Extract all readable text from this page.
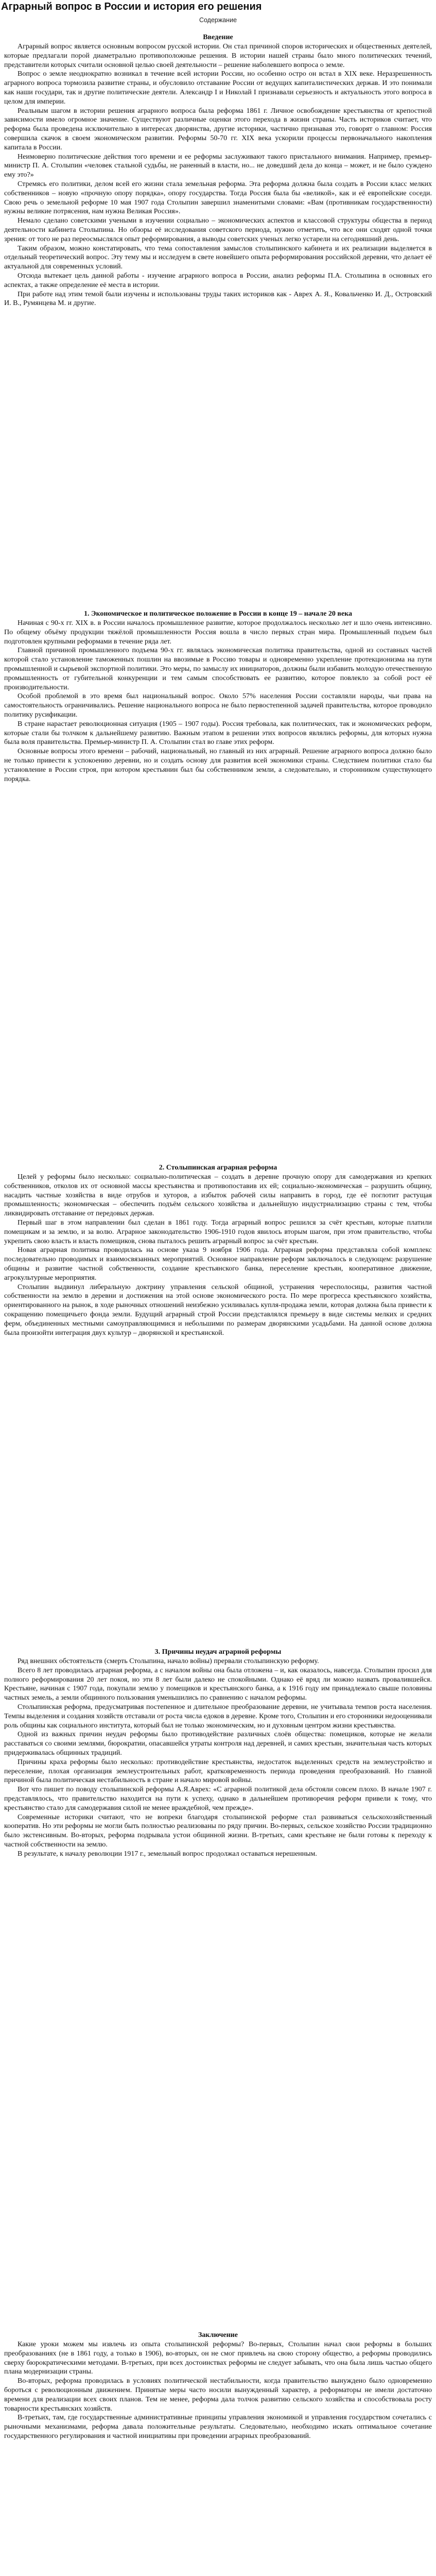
Аграрный вопрос в России и история его решения
Содержание
Введение

Аграрный вопрос является основным вопросом русской истории. Он стал причиной споров исторических и общественных деятелей, которые предлагали порой диаметрально противоположные решения. В истории нашей страны было много политических течений, представители которых считали основной целью своей деятельности – решение наболевшего вопроса о земле.

Вопрос о земле неоднократно возникал в течение всей истории России, но особенно остро он встал в XIX веке. Неразрешенность аграрного вопроса тормозила развитие страны, и обусловило отставание России от ведущих капиталистических держав. И это понимали как наши государи, так и другие политические деятели. Александр I и Николай I признавали серьезность и актуальность этого вопроса в целом для империи.

Реальным шагом в истории решения аграрного вопроса была реформа 1861 г. Личное освобождение крестьянства от крепостной зависимости имело огромное значение. Существуют различные оценки этого перехода в жизни страны. Часть историков считает, что реформа была проведена исключительно в интересах дворянства, другие историки, частично признавая это, говорят о главном: Россия совершила скачок в своем экономическом развитии. Реформы 50-70 гг. XIX века ускорили процессы первоначального накопления капитала в России.

Неимоверно политические действия того времени и ее реформы заслуживают такого пристального внимания. Например, премьер-министр П. А. Столыпин «человек стальной судьбы, не раненный в власти, но... не доведший дела до конца – может, и не было суждено ему это?»

Стремясь его политики, делом всей его жизни стала земельная реформа. Эта реформа должна была создать в России класс мелких собственников – новую «прочную опору порядка», опору государства. Тогда Россия была бы «великой», как и её европейские соседи. Свою речь о земельной реформе 10 мая 1907 года Столыпин завершил знаменитыми словами: «Вам (противникам государственности) нужны великие потрясения, нам нужна Великая Россия».

Немало сделано советскими учеными в изучении социально – экономических аспектов и классовой структуры общества в период деятельности кабинета Столыпина. Но обзоры её исследования советского периода, нужно отметить, что все они сходят одной точки зрения: от того не раз переосмыслялся опыт реформирования, а выводы советских ученых легко устарели на сегодняшний день.

Таким образом, можно констатировать, что тема сопоставления замыслов столыпинского кабинета и их реализации выделяется в отдельный теоретический вопрос. Эту тему мы и исследуем в свете новейшего опыта реформирования российской деревни, что делает её актуальной для современных условий.

Отсюда вытекает цель данной работы - изучение аграрного вопроса в России, анализ реформы П.А. Столыпина в основных его аспектах, а также определение её места в истории.

При работе над этим темой были изучены и использованы труды таких историков как - Аврех А. Я., Ковальченко И. Д., Островский И. В., Румянцева М. и другие.

1. Экономическое и политическое положение в России в конце 19 – начале 20 века

Начиная с 90-х гг. XIX в. в России началось промышленное развитие, которое продолжалось несколько лет и шло очень интенсивно. По общему объёму продукции тяжёлой промышленности Россия вошла в число первых стран мира. Промышленный подъем был подготовлен крупными реформами в течение ряда лет.

Главной причиной промышленного подъема 90-х гг. являлась экономическая политика правительства, одной из составных частей которой стало установление таможенных пошлин на ввозимые в Россию товары и одновременно укрепление протекционизма на пути промышленной и сырьевой экспортной политики. Это меры, по замыслу их инициаторов, должны были избавить молодую отечественную промышленность от губительной конкуренции и тем самым способствовать ее развитию, которое повлекло за собой рост её производительности.

Особой проблемой в это время был национальный вопрос. Около 57% населения России составляли народы, чьи права на самостоятельность ограничивались. Решение национального вопроса не было первостепенной задачей правительства, которое проводило политику русификации.

В стране нарастает революционная ситуация (1905 – 1907 годы). Россия требовала, как политических, так и экономических реформ, которые стали бы толчком к дальнейшему развитию. Важным этапом в решении этих вопросов являлись реформы, для которых нужна была воля правительства. Премьер-министр П. А. Столыпин стал во главе этих реформ.

Основные вопросы этого времени – рабочий, национальный, но главный из них аграрный. Решение аграрного вопроса должно было не только привести к успокоению деревни, но и создать основу для развития всей экономики страны. Следствием политики стало бы установление в России строя, при котором крестьянин был бы собственником земли, а следовательно, и сторонником существующего порядка.

2. Столыпинская аграрная реформа

Целей у реформы было несколько: социально-политическая – создать в деревне прочную опору для самодержавия из крепких собственников, отколов их от основной массы крестьянства и противопоставив их ей; социально-экономическая – разрушить общину, насадить частные хозяйства в виде отрубов и хуторов, а избыток рабочей силы направить в город, где её поглотит растущая промышленность; экономическая – обеспечить подъём сельского хозяйства и дальнейшую индустриализацию страны с тем, чтобы ликвидировать отставание от передовых держав.

Первый шаг в этом направлении был сделан в 1861 году. Тогда аграрный вопрос решился за счёт крестьян, которые платили помещикам и за землю, и за волю. Аграрное законодательство 1906-1910 годов явилось вторым шагом, при этом правительство, чтобы укрепить свою власть и власть помещиков, снова пыталось решить аграрный вопрос за счёт крестьян.

Новая аграрная политика проводилась на основе указа 9 ноября 1906 года. Аграрная реформа представляла собой комплекс последовательно проводимых и взаимосвязанных мероприятий. Основное направление реформ заключалось в следующем: разрушение общины и развитие частной собственности, создание крестьянского банка, переселение крестьян, кооперативное движение, агрокультурные мероприятия.

Столыпин выдвинул либеральную доктрину управления сельской общиной, устранения чересполосицы, развития частной собственности на землю в деревни и достижения на этой основе экономического роста. По мере прогресса крестьянского хозяйства, ориентированного на рынок, в ходе рыночных отношений неизбежно усиливалась купля-продажа земли, которая должна была привести к сокращению помещичьего фонда земли. Будущий аграрный строй России представлялся премьеру в виде системы мелких и средних ферм, объединенных местными самоуправляющимися и небольшими по размерам дворянскими усадьбами. На данной основе должна была произойти интеграция двух культур – дворянской и крестьянской.

3. Причины неудач аграрной реформы

Ряд внешних обстоятельств (смерть Столыпина, начало войны) прервали столыпинскую реформу.

Всего 8 лет проводилась аграрная реформа, а с началом войны она была отложена – и, как оказалось, навсегда. Столыпин просил для полного реформирования 20 лет покоя, но эти 8 лет были далеко не спокойными. Однако её вряд ли можно назвать провалившейся. Крестьяне, начиная с 1907 года, покупали землю у помещиков и крестьянского банка, а к 1916 году им принадлежало свыше половины частных земель, а земли общинного пользования уменьшились по сравнению с началом реформы.

Столыпинская реформа, предусматривая постепенное и длительное преобразование деревни, не учитывала темпов роста населения. Темпы выделения и создания хозяйств отставали от роста числа едоков в деревне. Кроме того, Столыпин и его сторонники недооценивали роль общины как социального института, который был не только экономическим, но и духовным центром жизни крестьянства.

Одной из важных причин неудач реформы было противодействие различных слоёв общества: помещиков, которые не желали расставаться со своими землями, бюрократии, опасавшейся утраты контроля над деревней, и самих крестьян, значительная часть которых придерживалась общинных традиций.

Причины краха реформы было несколько: противодействие крестьянства, недостаток выделенных средств на землеустройство и переселение, плохая организация землеустроительных работ, кратковременность периода проведения преобразований. Но главной причиной была политическая нестабильность в стране и начало мировой войны.

Вот что пишет по поводу столыпинской реформы А.Я.Аврех: «С аграрной политикой дела обстояли совсем плохо. В начале 1907 г. представлялось, что правительство находится на пути к успеху, однако в дальнейшем противоречия реформ привели к тому, что крестьянство стало для самодержавия силой не менее враждебной, чем прежде».

Современные историки считают, что не вопреки благодаря столыпинской реформе стал развиваться сельскохозяйственный кооператив. Но эти реформы не могли быть полностью реализованы по ряду причин. Во-первых, сельское хозяйство России традиционно было экстенсивным. Во-вторых, реформа подрывала устои общинной жизни. В-третьих, сами крестьяне не были готовы к переходу к частной собственности на землю.

В результате, к началу революции 1917 г., земельный вопрос продолжал оставаться нерешенным.

Заключение

Какие уроки можем мы извлечь из опыта столыпинской реформы? Во-первых, Столыпин начал свои реформы в больших преобразованиях (не в 1861 году, а только в 1906), во-вторых, он не смог привлечь на свою сторону общество, а реформы проводились сверху бюрократическими методами. В-третьих, при всех достоинствах реформы не следует забывать, что она была лишь частью общего плана модернизации страны.

Во-вторых, реформа проводилась в условиях политической нестабильности, когда правительство вынуждено было одновременно бороться с революционным движением. Принятые меры часто носили вынужденный характер, а реформаторы не имели достаточно времени для реализации всех своих планов. Тем не менее, реформа дала толчок развитию сельского хозяйства и способствовала росту товарности крестьянских хозяйств.

В-третьих, там, где государственные административные принципы управления экономикой и управления государством сочетались с рыночными механизмами, реформа давала положительные результаты. Следовательно, необходимо искать оптимальное сочетание государственного регулирования и частной инициативы при проведении аграрных преобразований.
